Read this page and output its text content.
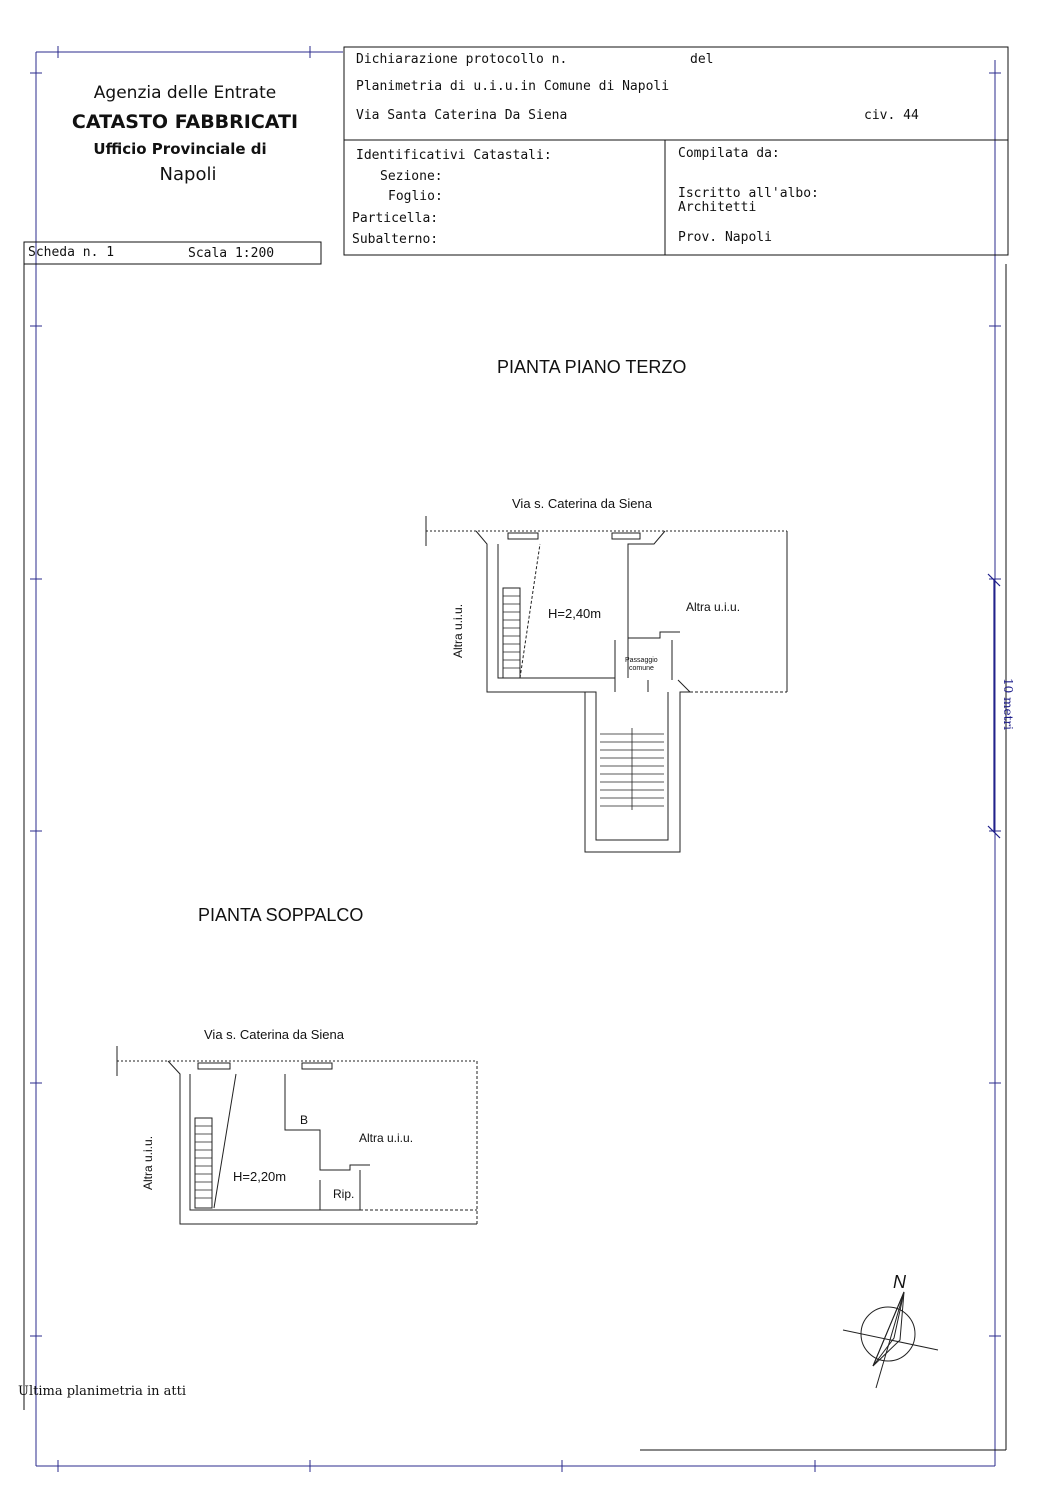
Agenzia delle Entrate
CATASTO FABBRICATI
Ufficio Provinciale di
Napoli
Scheda n. 1	Scala 1:200
Dichiarazione protocollo n.	del
Planimetria di u.i.u.in Comune di Napoli
Via Santa Caterina Da Siena	civ. 44
Identificativi Catastali:
Sezione:
Foglio:
Particella:
Subalterno:
Compilata da:
Iscritto all'albo:
Architetti
Prov. Napoli
PIANTA PIANO TERZO
PIANTA SOPPALCO
Via s. Caterina da Siena
H=2,40m	Altra u.i.u.
Altra u.i.u.
Passaggio
comune
Via s. Caterina da Siena
H=2,20m
Altra u.i.u.
Altra u.i.u.
B
Rip.
10 metri
N
Ultima planimetria in atti
